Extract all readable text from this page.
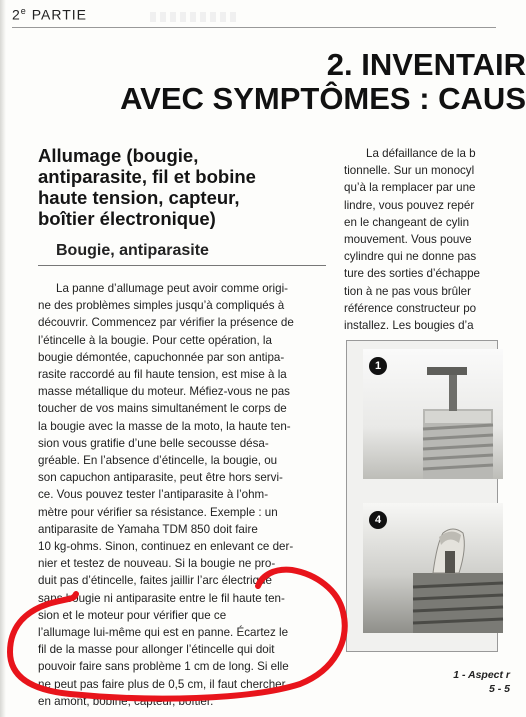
2e PARTIE
2. INVENTAIR
AVEC SYMPTÔMES : CAUS
Allumage (bougie,
antiparasite, fil et bobine
haute tension, capteur,
boîtier électronique)
Bougie, antiparasite
La panne d’allumage peut avoir comme origi-
ne des problèmes simples jusqu’à compliqués à
découvrir. Commencez par vérifier la présence de
l’étincelle à la bougie. Pour cette opération, la
bougie démontée, capuchonnée par son antipa-
rasite raccordé au fil haute tension, est mise à la
masse métallique du moteur. Méfiez-vous ne pas
toucher de vos mains simultanément le corps de
la bougie avec la masse de la moto, la haute ten-
sion vous gratifie d’une belle secousse désa-
gréable. En l’absence d’étincelle, la bougie, ou
son capuchon antiparasite, peut être hors servi-
ce. Vous pouvez tester l’antiparasite à l’ohm-
mètre pour vérifier sa résistance. Exemple : un
antiparasite de Yamaha TDM 850 doit faire
10 kg-ohms. Sinon, continuez en enlevant ce der-
nier et testez de nouveau. Si la bougie ne pro-
duit pas d’étincelle, faites jaillir l’arc électrique
sans bougie ni antiparasite entre le fil haute ten-
sion et le moteur pour vérifier que ce
l’allumage lui-même qui est en panne. Écartez le
fil de la masse pour allonger l’étincelle qui doit
pouvoir faire sans problème 1 cm de long. Si elle
ne peut pas faire plus de 0,5 cm, il faut chercher
en amont, bobine, capteur, boîtier.
La défaillance de la b
tionnelle. Sur un monocyl
qu’à la remplacer par une
lindre, vous pouvez repér
en le changeant de cylin
mouvement. Vous pouve
cylindre qui ne donne pas
ture des sorties d’échappe
tion à ne pas vous brûler
référence constructeur po
installez. Les bougies d’a
1
4
1 - Aspect r
5 - 5
